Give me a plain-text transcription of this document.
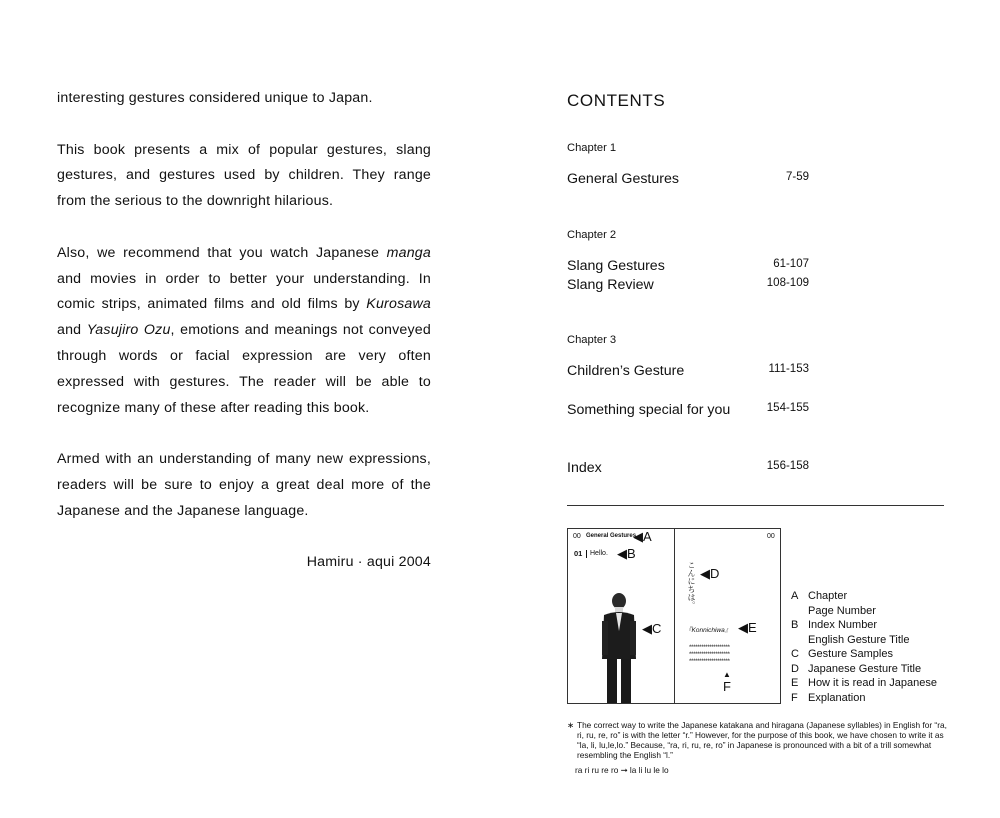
interesting gestures considered unique to Japan.

This book presents a mix of popular gestures, slang gestures, and gestures used by children. They range from the serious to the downright hilarious.

Also, we recommend that you watch Japanese manga and movies in order to better your understanding. In comic strips, animated films and old films by Kurosawa and Yasujiro Ozu, emotions and meanings not conveyed through words or facial expression are very often expressed with gestures. The reader will be able to recognize many of these after reading this book.

Armed with an understanding of many new expressions, readers will be sure to enjoy a great deal more of the Japanese and the Japanese language.

Hamiru · aqui 2004

CONTENTS
Chapter 1
General Gestures	7-59
Chapter 2
Slang Gestures	61-107
Slang Review	108-109
Chapter 3
Children’s Gesture	111-153
Something special for you	154-155
Index	156-158
00 General Gestures
◀A
01	Hello. ◀B
◀C
00
こんにちは。 ◀D
『Konnichiwa』 ◀E
********************
********************
********************
▲
F
A Chapter
Page Number
B Index Number
English Gesture Title
C Gesture Samples
D Japanese Gesture Title
E How it is read in Japanese
F Explanation
∗ The correct way to write the Japanese katakana and hiragana (Japanese syllables) in English for “ra, ri, ru, re, ro” is with the letter “r.” However, for the purpose of this book, we have chosen to write it as “la, li, lu,le,lo.” Because, “ra, ri, ru, re, ro” in Japanese is pronounced with a bit of a trill somewhat resembling the English “l.”
ra ri ru re ro ➞ la li lu le lo
